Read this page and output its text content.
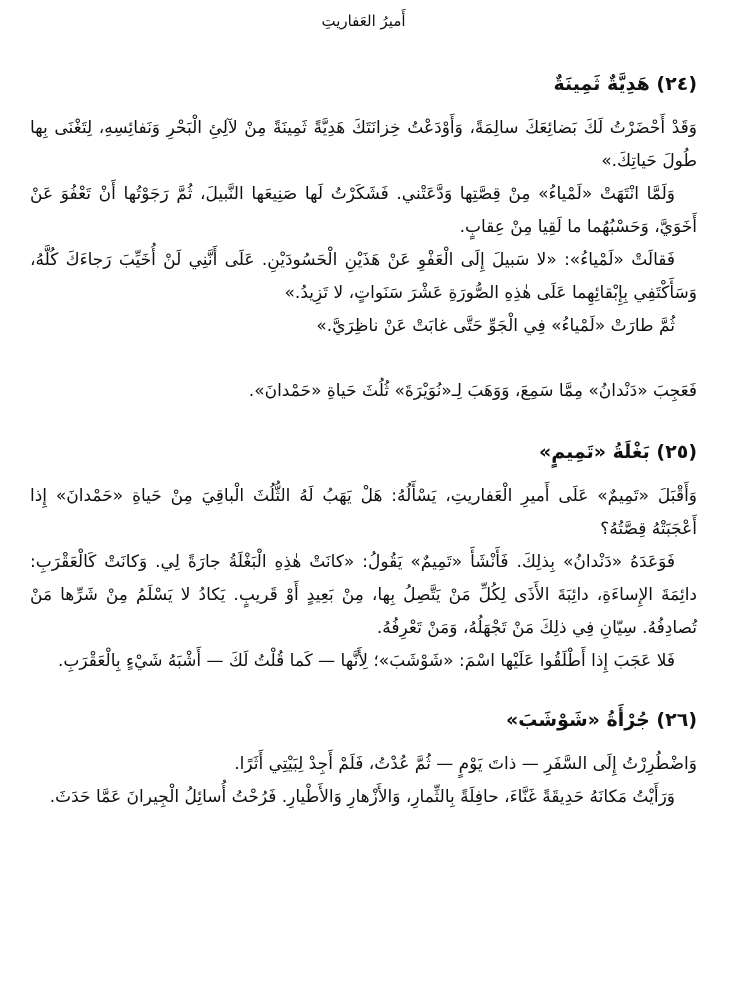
أَميرُ العَفاريتِ
(٢٤) هَدِيَّةٌ ثَمِينَةٌ

وَقَدْ أَحْضَرْتُ لَكَ بَضائِعَكَ سالِمَةً، وَأَوْدَعْتُ خِزانَتَكَ هَدِيَّةً ثَمِينَةً مِنْ لآلِئِ الْبَحْرِ وَنَفائِسِهِ، لِتَغْنَى بِها طُولَ حَياتِكَ.»

وَلَمَّا انْتَهَتْ «لَمْياءُ» مِنْ قِصَّتِها وَدَّعَتْني. فَشَكَرْتُ لَها صَنِيعَها النَّبيلَ، ثُمَّ رَجَوْتُها أَنْ تَعْفُوَ عَنْ أَخَوَيَّ، وَحَسْبُهُما ما لَقِيا مِنْ عِقابٍ.

فَقالَتْ «لَمْياءُ»: «لا سَبيلَ إِلَى الْعَفْوِ عَنْ هَذَيْنِ الْحَسُودَيْنِ. عَلَى أَنَّنِي لَنْ أُخَيِّبَ رَجاءَكَ كُلَّهُ، وَسَأَكْتَفِي بِإِبْقائِهِما عَلَى هٰذِهِ الصُّورَةِ عَشْرَ سَنَواتٍ، لا تَزِيدُ.»

ثُمَّ طارَتْ «لَمْياءُ» فِي الْجَوِّ حَتَّى غابَتْ عَنْ ناظِرَيَّ.»

فَعَجِبَ «دَنْدانُ» مِمَّا سَمِعَ، وَوَهَبَ لِـ«نُوَيْرَةَ» ثُلُثَ حَياةِ «حَمْدانَ».

(٢٥) بَغْلَةُ «تَمِيمٍ»

وَأَقْبَلَ «تَمِيمٌ» عَلَى أَميرِ الْعَفاريتِ، يَسْأَلُهُ: هَلْ يَهَبُ لَهُ الثُّلُثَ الْباقِيَ مِنْ حَياةِ «حَمْدانَ» إِذا أَعْجَبَتْهُ قِصَّتُهُ؟

فَوَعَدَهُ «دَنْدانُ» بِذلِكَ. فَأَنْشَأَ «تَمِيمٌ» يَقُولُ: «كانَتْ هٰذِهِ الْبَغْلَةُ جارَةً لِي. وَكانَتْ كَالْعَقْرَبِ: دائِمَةَ الإِساءَةِ، دائِبَةَ الأَذَى لِكُلِّ مَنْ يَتَّصِلُ بِها، مِنْ بَعِيدٍ أَوْ قَريبٍ. يَكادُ لا يَسْلَمُ مِنْ شَرِّها مَنْ تُصادِفُهُ. سِيّانِ فِي ذلِكَ مَنْ تَجْهَلُهُ، وَمَنْ تَعْرِفُهُ.

فَلا عَجَبَ إِذا أَطْلَقُوا عَلَيْها اسْمَ: «شَوْشَبَ»؛ لِأَنَّها — كَما قُلْتُ لَكَ — أَشْبَهُ شَيْءٍ بِالْعَقْرَبِ.

(٢٦) جُرْأَةُ «شَوْشَبَ»

وَاضْطُرِرْتُ إِلَى السَّفَرِ — ذاتَ يَوْمٍ — ثُمَّ عُدْتُ، فَلَمْ أَجِدْ لِبَيْتِي أَثَرًا.

وَرَأَيْتُ مَكانَهُ حَدِيقَةً غَنَّاءَ، حافِلَةً بِالثِّمارِ، وَالأَزْهارِ وَالأَطْيارِ. فَرُحْتُ أُسائِلُ الْجِيرانَ عَمَّا حَدَثَ.
